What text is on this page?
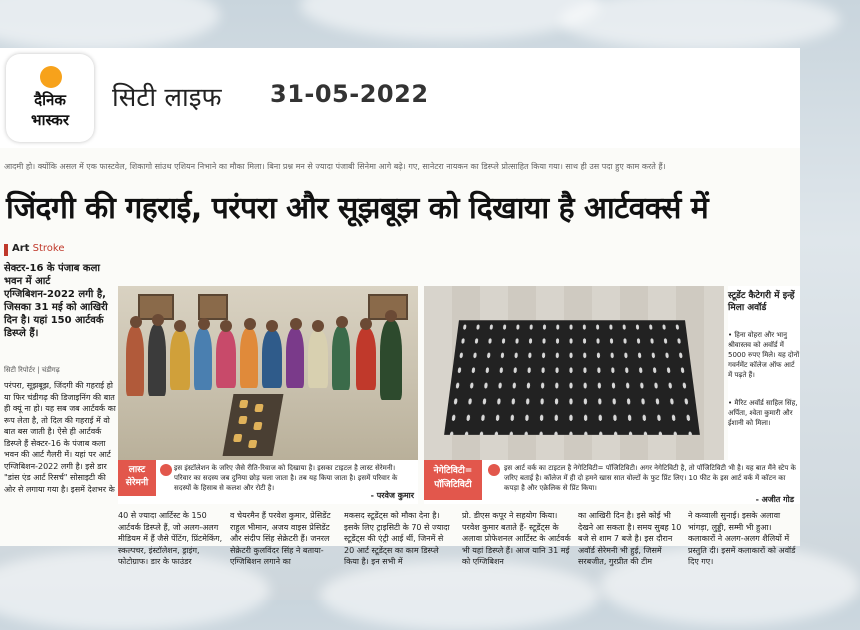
दैनिक
भास्कर
सिटी लाइफ 31-05-2022
आदमी हो। क्योंकि असल में एक फास्टवेल, शिकागो सांउथ एशियन निभाने का मौका मिला। बिना प्रश्न मन से ज्यादा पंजाबी सिनेमा आगे बढ़े। गए, सानेटरा नायकन का डिस्प्ले प्रोत्साहित किया गया। साथ ही उस पदा हुए काम करते हैं।
जिंदगी की गहराई, परंपरा और सूझबूझ को दिखाया है आर्टवर्क्स में
Art Stroke
सेक्टर-16 के पंजाब कला भवन में आर्ट एग्जिबिशन-2022 लगी है, जिसका 31 मई को आखिरी दिन है। यहां 150 आर्टवर्क डिस्प्ले हैं।
सिटी रिपोर्टर | चंडीगढ़
परंपरा, सूझबूझ, जिंदगी की गहराई हो या फिर चंडीगढ़ की डिजाइनिंग की बात ही क्यूं ना हो। यह सब जब आर्टवर्क का रूप लेता है, तो दिल की गहराई में वो बात बस जाती है। ऐसे ही आर्टवर्क डिस्प्ले हैं सेक्टर-16 के पंजाब कला भवन की आर्ट गैलरी में। यहां पर आर्ट एग्जिबिशन-2022 लगी है। इसे डार "डांस एंड आर्ट रिसर्च" सोसाइटी की ओर से लगाया गया है। इसमें देशभर के
स्टूडेंट कैटेगरी में इन्हें मिला अवॉर्ड
• हिना वोहरा और भानु श्रीवास्तव को अवॉर्ड में 5000 रुपए मिले। यह दोनों गवर्नमेंट कॉलेज ऑफ आर्ट में पढ़ते हैं।
• मैरिट अवॉर्ड साहिल सिंह, अर्पिता, श्वेता कुमारी और ईशानी को मिला।
लास्ट सेरेमनी
इस इंस्टॉलेशन के जरिए जैसे रीति-रिवाज को दिखाया है। इसका टाइटल है लास्ट सेरेमनी। परिवार का सदस्य जब दुनिया छोड़ चला जाता है। तब यह किया जाता है। इसमें परिवार के सदस्यों के हिसाब से कलश और रोटी है।
- परवेज कुमार
नेगेटिविटी= पॉजिटिविटी
इस आर्ट वर्क का टाइटल है नेगेटिविटी= पॉजिटिविटी। अगर नेगेटिविटी है, तो पॉजिटिविटी भी है। यह बात मैंने स्टेप के जरिए बताई है। कॉलेज में ही दो हमने खास सात वोल्टों के फुट प्रिंट लिए। 10 फीट के इस आर्ट वर्क में कॉटन का कपड़ा है और एक्रेलिक से प्रिंट किया।
- अजीत गोड
40 से ज्यादा आर्टिस्ट के 150 आर्टवर्क डिस्प्ले हैं, जो अलग-अलग मीडियम में हैं जैसे पेंटिंग, प्रिंटमेकिंग, स्कल्पचर, इंस्टॉलेशन, ड्राइंग, फोटोग्राफ। डार के फाउंडर
व चेयरमैन हैं परवेश कुमार, प्रेसिडेंट राहुल भीमान, अजय वाइस प्रेसिडेंट और संदीप सिंह सेक्रेटरी हैं। जनरल सेक्रेटरी कुलविंदर सिंह ने बताया- एग्जिबिशन लगाने का
मकसद स्टूडेंट्स को मौका देना है। इसके लिए ट्राइसिटी के 70 से ज्यादा स्टूडेंट्स की एंट्री आई थीं, जिनमें से 20 आर्ट स्टूडेंट्स का काम डिस्प्ले किया है। इन सभी में
प्रो. डीएस कपूर ने सहयोग किया। परवेश कुमार बताते हैं- स्टूडेंट्स के अलावा प्रोफेशनल आर्टिस्ट के आर्टवर्क भी यहां डिस्प्ले हैं। आज यानि 31 मई को एग्जिबिशन
का आखिरी दिन है। इसे कोई भी देखने आ सकता है। समय सुबह 10 बजे से शाम 7 बजे है। इस दौरान अवॉर्ड सेरेमनी भी हुई, जिसमें सरबजीत, गुरप्रीत की टीम
ने कव्वाली सुनाई। इसके अलावा भांगड़ा, लुड्डी, सम्मी भी हुआ। कलाकारों ने अलग-अलग शैलियों में प्रस्तुति दी। इसमें कलाकारों को अवॉर्ड दिए गए।
